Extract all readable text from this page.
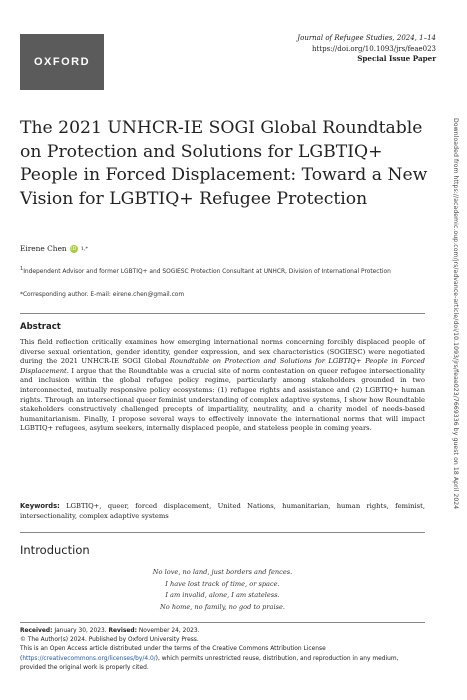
OXFORD
Journal of Refugee Studies, 2024, 1–14
https://doi.org/10.1093/jrs/feae023
Special Issue Paper
Downloaded from https://academic.oup.com/jrs/advance-article/doi/10.1093/jrs/feae023/7669336 by guest on 18 April 2024
The 2021 UNHCR-IE SOGI Global Roundtable on Protection and Solutions for LGBTIQ+ People in Forced Displacement: Toward a New Vision for LGBTIQ+ Refugee Protection
Eirene Chen iD 1,*
$^1$Independent Advisor and former LGBTIQ+ and SOGIESC Protection Consultant at UNHCR, Division of International Protection
*Corresponding author. E-mail: eirene.chen@gmail.com
Abstract

This field reflection critically examines how emerging international norms concerning forcibly displaced people of diverse sexual orientation, gender identity, gender expression, and sex characteristics (SOGIESC) were negotiated during the 2021 UNHCR-IE SOGI Global Roundtable on Protection and Solutions for LGBTIQ+ People in Forced Displacement. I argue that the Roundtable was a crucial site of norm contestation on queer refugee intersectionality and inclusion within the global refugee policy regime, particularly among stakeholders grounded in two interconnected, mutually responsive policy ecosystems: (1) refugee rights and assistance and (2) LGBTIQ+ human rights. Through an intersectional queer feminist understanding of complex adaptive systems, I show how Roundtable stakeholders constructively challenged precepts of impartiality, neutrality, and a charity model of needs-based humanitarianism. Finally, I propose several ways to effectively innovate the international norms that will impact LGBTIQ+ refugees, asylum seekers, internally displaced people, and stateless people in coming years.

Keywords: LGBTIQ+, queer, forced displacement, United Nations, humanitarian, human rights, feminist, intersectionality, complex adaptive systems

Introduction
No love, no land, just borders and fences.
I have lost track of time, or space.
I am invalid, alone, I am stateless.
No home, no family, no god to praise.
Received: January 30, 2023. Revised: November 24, 2023.
© The Author(s) 2024. Published by Oxford University Press.
This is an Open Access article distributed under the terms of the Creative Commons Attribution License (https://creativecommons.org/licenses/by/4.0/), which permits unrestricted reuse, distribution, and reproduction in any medium, provided the original work is properly cited.
